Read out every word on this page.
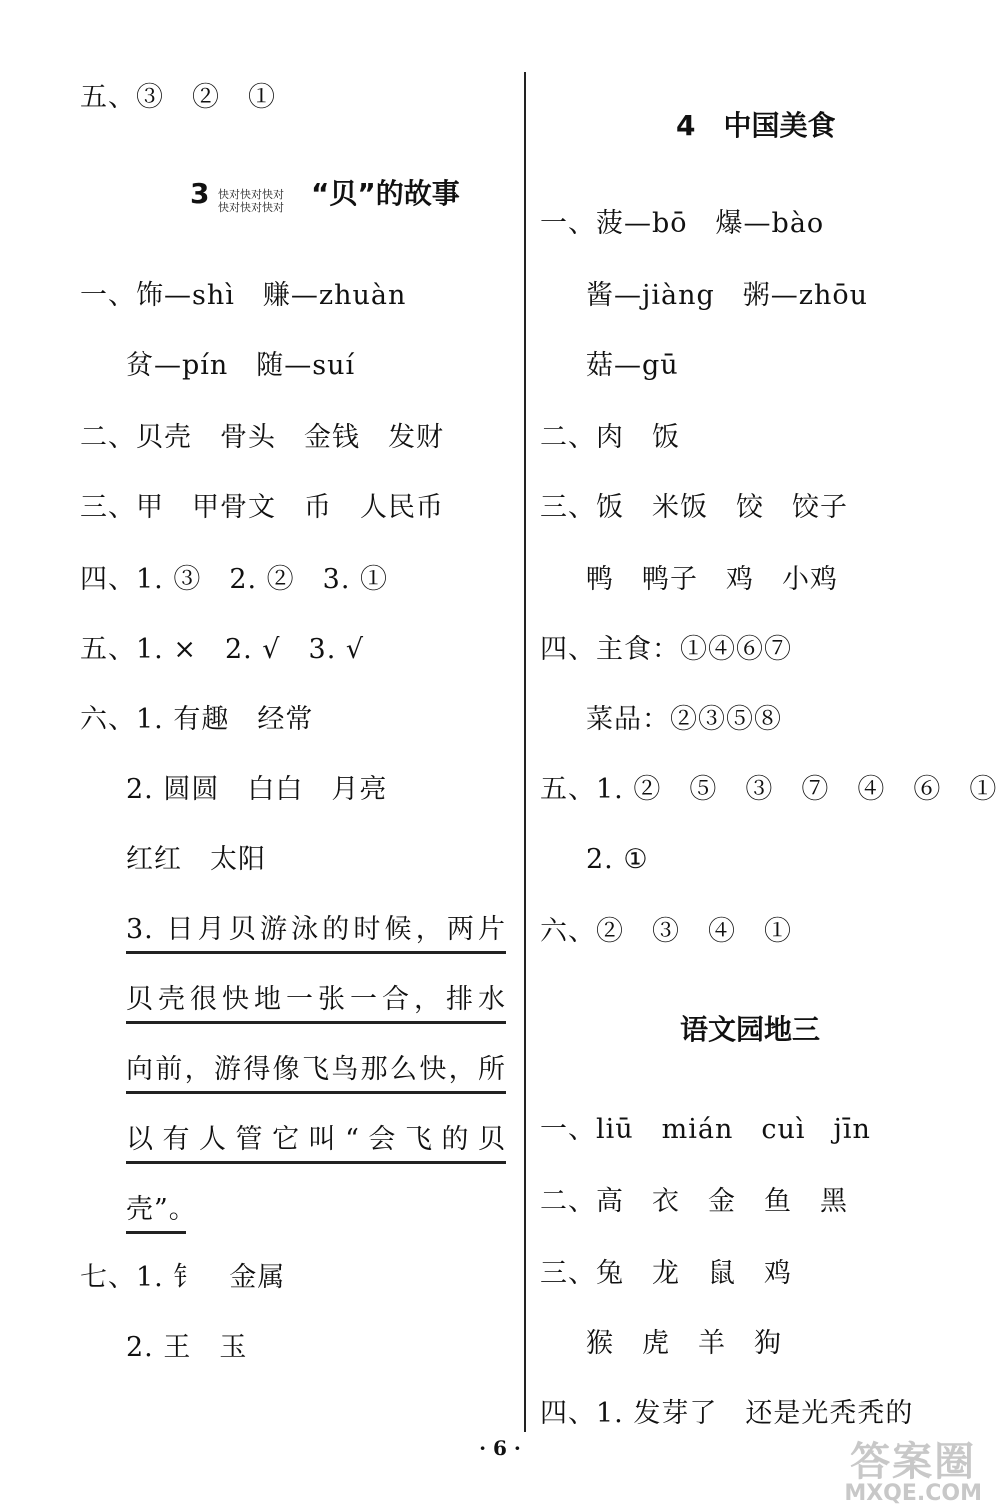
五、③　②　①
3	“贝”的故事
快对快对快对
快对快对快对
一、饰—shì　赚—zhuàn
贫—pín　随—suí
二、贝壳　骨头　金钱　发财
三、甲　甲骨文　币　人民币
四、1. ③　2. ②　3. ①
五、1. ×　2. √　3. √
六、1. 有趣　经常
2. 圆圆　白白　月亮
红红　太阳
3. 日月贝游泳的时候，两片
贝壳很快地一张一合，排水
向前，游得像飞鸟那么快，所
以有人管它叫“会飞的贝
壳”。
七、1. 钅　金属
2. 王　玉
4　中国美食
一、菠—bō　爆—bào
酱—jiàng　粥—zhōu
菇—gū
二、肉　饭
三、饭　米饭　饺　饺子
鸭　鸭子　鸡　小鸡
四、主食：①④⑥⑦
菜品：②③⑤⑧
五、1. ②　⑤　③　⑦　④　⑥　①
2. ①
六、②　③　④　①
语文园地三
一、liū　mián　cuì　jīn
二、高　衣　金　鱼　黑
三、兔　龙　鼠　鸡
猴　虎　羊　狗
四、1. 发芽了　还是光秃秃的
· 6 ·	答案圈
MXQE.COM
